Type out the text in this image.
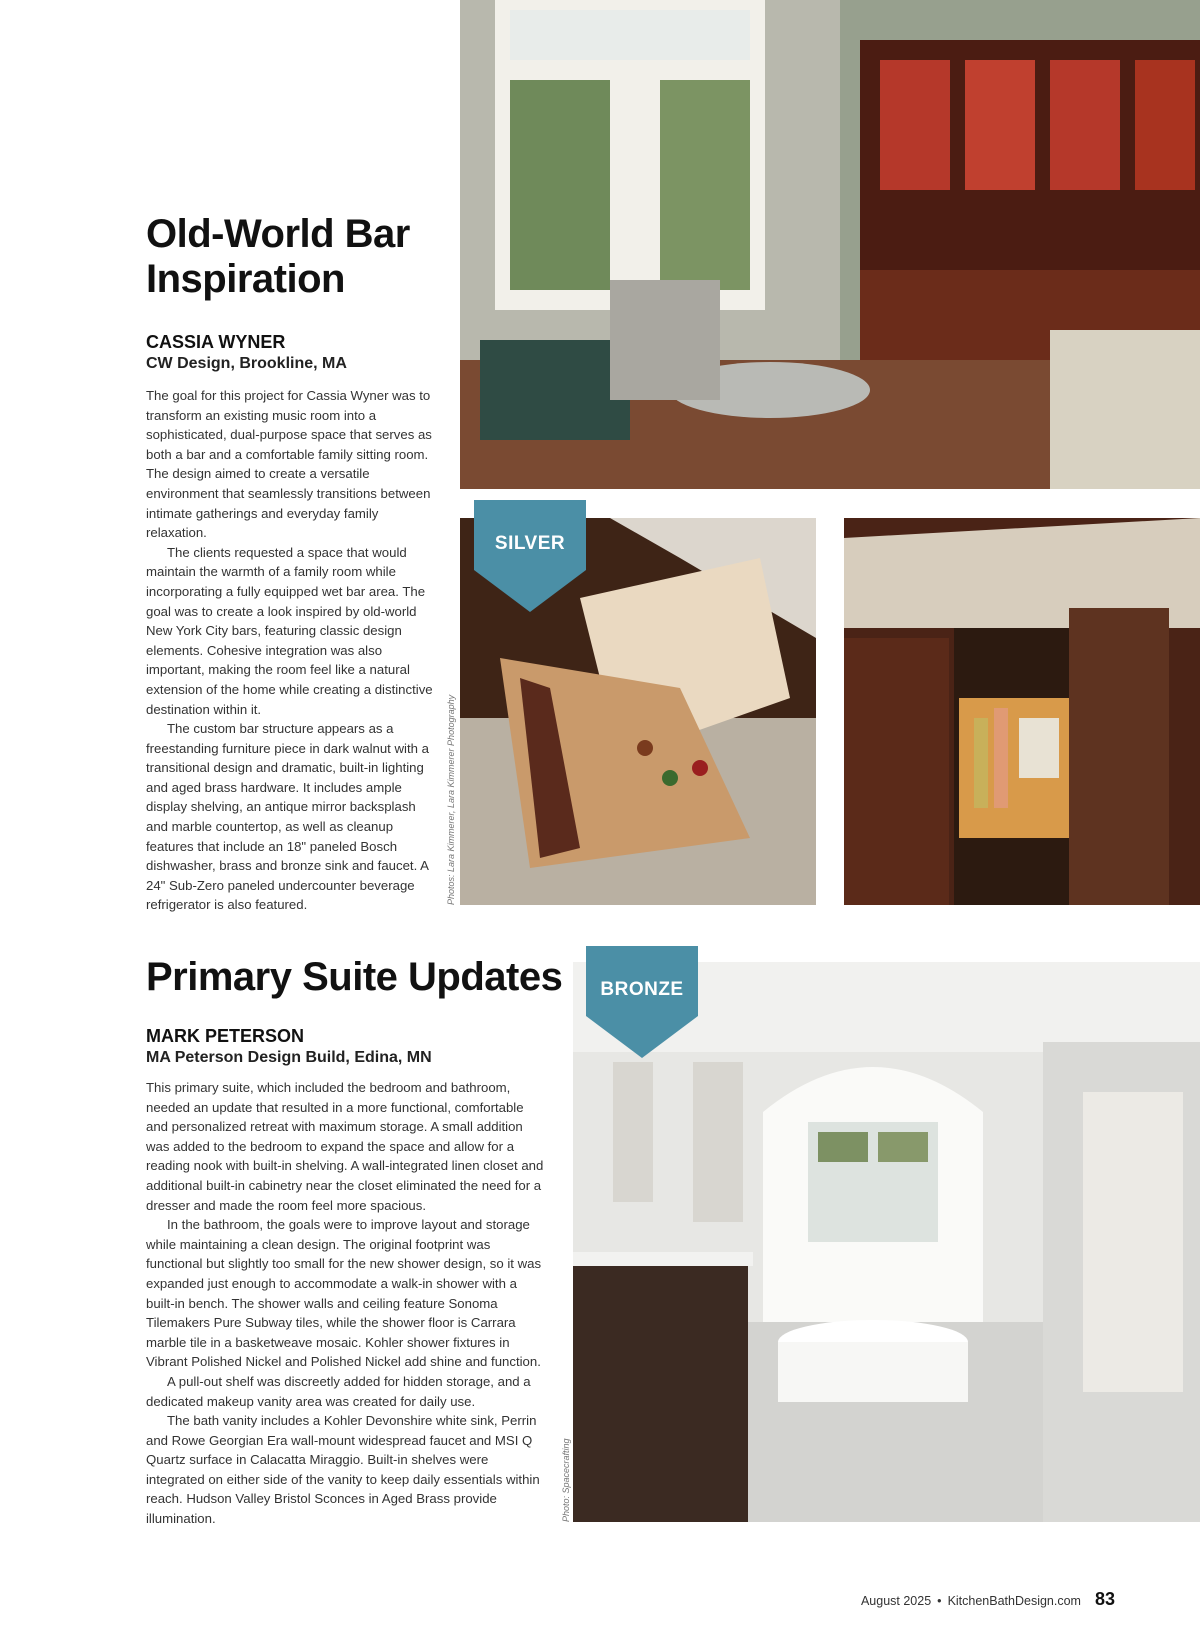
Old-World Bar
Inspiration
CASSIA WYNER
CW Design, Brookline, MA

The goal for this project for Cassia Wyner was to transform an existing music room into a sophisticated, dual-purpose space that serves as both a bar and a comfortable family sitting room. The design aimed to create a versatile environment that seamlessly transitions between intimate gatherings and everyday family relaxation.

The clients requested a space that would maintain the warmth of a family room while incorporating a fully equipped wet bar area. The goal was to create a look inspired by old-world New York City bars, featuring classic design elements. Cohesive integration was also important, making the room feel like a natural extension of the home while creating a distinctive destination within it.

The custom bar structure appears as a freestanding furniture piece in dark walnut with a transitional design and dramatic, built-in lighting and aged brass hardware. It includes ample display shelving, an antique mirror backsplash and marble countertop, as well as cleanup features that include an 18" paneled Bosch dishwasher, brass and bronze sink and faucet. A 24" Sub-Zero paneled undercounter beverage refrigerator is also featured.	Photos: Lara Kimmerer, Lara Kimmerer Photography
SILVER
Primary Suite Updates
MARK PETERSON
MA Peterson Design Build, Edina, MN

This primary suite, which included the bedroom and bathroom, needed an update that resulted in a more functional, comfortable and personalized retreat with maximum storage. A small addition was added to the bedroom to expand the space and allow for a reading nook with built-in shelving. A wall-integrated linen closet and additional built-in cabinetry near the closet eliminated the need for a dresser and made the room feel more spacious.

In the bathroom, the goals were to improve layout and storage while maintaining a clean design. The original footprint was functional but slightly too small for the new shower design, so it was expanded just enough to accommodate a walk-in shower with a built-in bench. The shower walls and ceiling feature Sonoma Tilemakers Pure Subway tiles, while the shower floor is Carrara marble tile in a basketweave mosaic. Kohler shower fixtures in Vibrant Polished Nickel and Polished Nickel add shine and function.

A pull-out shelf was discreetly added for hidden storage, and a dedicated makeup vanity area was created for daily use.

The bath vanity includes a Kohler Devonshire white sink, Perrin and Rowe Georgian Era wall-mount widespread faucet and MSI Q Quartz surface in Calacatta Miraggio. Built-in shelves were integrated on either side of the vanity to keep daily essentials within reach. Hudson Valley Bristol Sconces in Aged Brass provide illumination.	Photo: Spacecrafting
BRONZE
August 2025 • KitchenBathDesign.com 83
